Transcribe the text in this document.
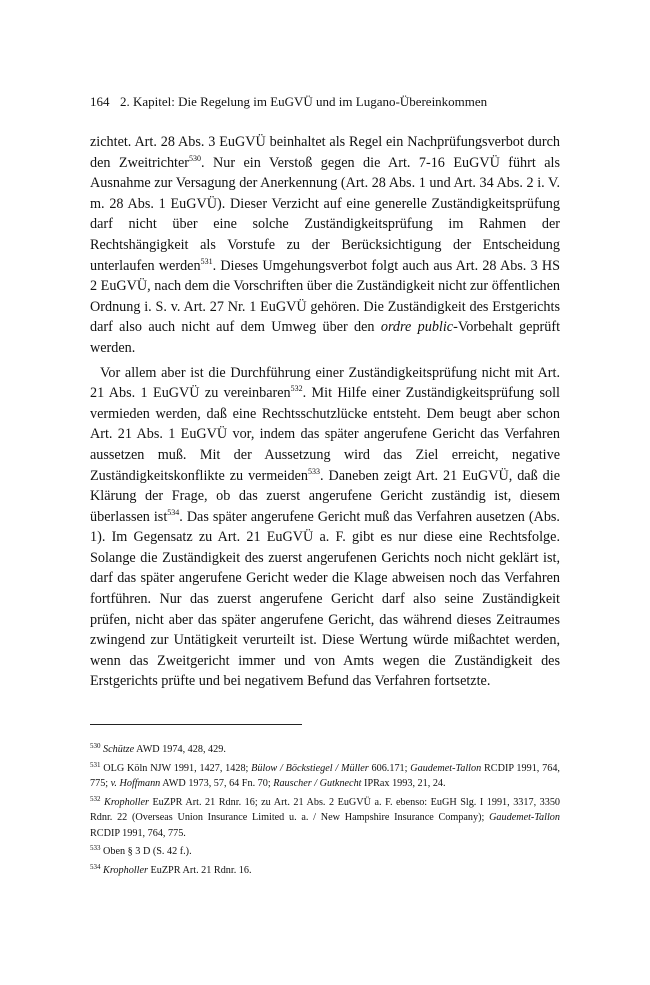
164 2. Kapitel: Die Regelung im EuGVÜ und im Lugano-Übereinkommen

zichtet. Art. 28 Abs. 3 EuGVÜ beinhaltet als Regel ein Nachprüfungsverbot durch den Zweitrichter$^{530}$. Nur ein Verstoß gegen die Art. 7-16 EuGVÜ führt als Ausnahme zur Versagung der Anerkennung (Art. 28 Abs. 1 und Art. 34 Abs. 2 i. V. m. 28 Abs. 1 EuGVÜ). Dieser Verzicht auf eine generelle Zuständigkeitsprüfung darf nicht über eine solche Zuständigkeitsprüfung im Rahmen der Rechtshängigkeit als Vorstufe zu der Berücksichtigung der Entscheidung unterlaufen werden$^{531}$. Dieses Umgehungsverbot folgt auch aus Art. 28 Abs. 3 HS 2 EuGVÜ, nach dem die Vorschriften über die Zuständigkeit nicht zur öffentlichen Ordnung i. S. v. Art. 27 Nr. 1 EuGVÜ gehören. Die Zuständigkeit des Erstgerichts darf also auch nicht auf dem Umweg über den ordre public-Vorbehalt geprüft werden.

Vor allem aber ist die Durchführung einer Zuständigkeitsprüfung nicht mit Art. 21 Abs. 1 EuGVÜ zu vereinbaren$^{532}$. Mit Hilfe einer Zuständigkeitsprüfung soll vermieden werden, daß eine Rechtsschutzlücke entsteht. Dem beugt aber schon Art. 21 Abs. 1 EuGVÜ vor, indem das später angerufene Gericht das Verfahren aussetzen muß. Mit der Aussetzung wird das Ziel erreicht, negative Zuständigkeitskonflikte zu vermeiden$^{533}$. Daneben zeigt Art. 21 EuGVÜ, daß die Klärung der Frage, ob das zuerst angerufene Gericht zuständig ist, diesem überlassen ist$^{534}$. Das später angerufene Gericht muß das Verfahren ausetzen (Abs. 1). Im Gegensatz zu Art. 21 EuGVÜ a. F. gibt es nur diese eine Rechtsfolge. Solange die Zuständigkeit des zuerst angerufenen Gerichts noch nicht geklärt ist, darf das später angerufene Gericht weder die Klage abweisen noch das Verfahren fortführen. Nur das zuerst angerufene Gericht darf also seine Zuständigkeit prüfen, nicht aber das später angerufene Gericht, das während dieses Zeitraumes zwingend zur Untätigkeit verurteilt ist. Diese Wertung würde mißachtet werden, wenn das Zweitgericht immer und von Amts wegen die Zuständigkeit des Erstgerichts prüfte und bei negativem Befund das Verfahren fortsetzte.

$^{530}$ Schütze AWD 1974, 428, 429.

$^{531}$ OLG Köln NJW 1991, 1427, 1428; Bülow / Böckstiegel / Müller 606.171; Gaudemet-Tallon RCDIP 1991, 764, 775; v. Hoffmann AWD 1973, 57, 64 Fn. 70; Rauscher / Gutknecht IPRax 1993, 21, 24.

$^{532}$ Kropholler EuZPR Art. 21 Rdnr. 16; zu Art. 21 Abs. 2 EuGVÜ a. F. ebenso: EuGH Slg. I 1991, 3317, 3350 Rdnr. 22 (Overseas Union Insurance Limited u. a. / New Hampshire Insurance Company); Gaudemet-Tallon RCDIP 1991, 764, 775.

$^{533}$ Oben § 3 D (S. 42 f.).

$^{534}$ Kropholler EuZPR Art. 21 Rdnr. 16.
